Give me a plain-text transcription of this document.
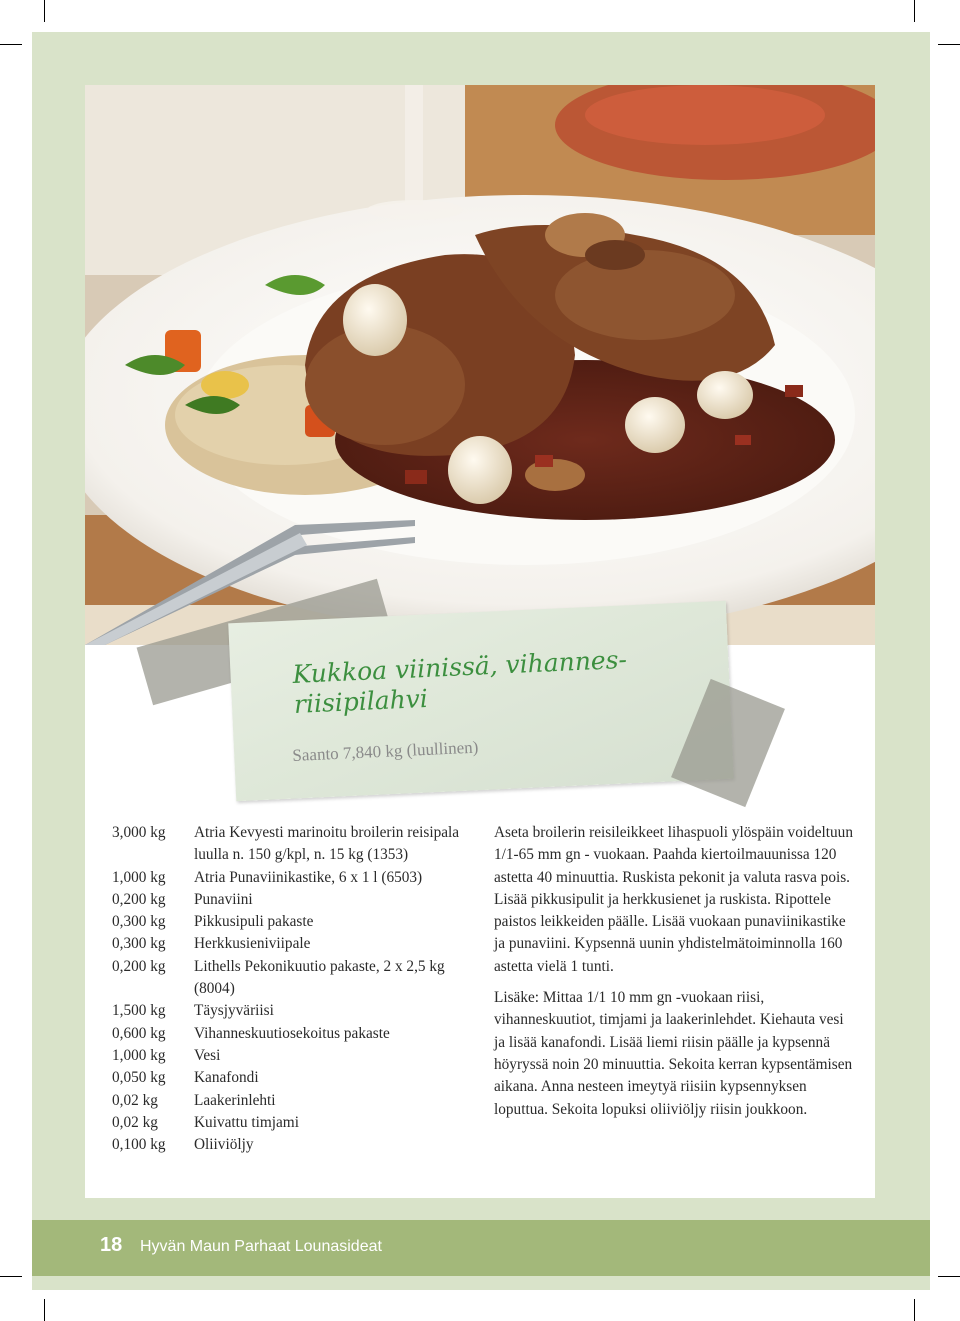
Kukkoa viinissä, vihannes-
riisipilahvi
Saanto 7,840 kg (luullinen)
3,000 kg	Atria Kevyesti marinoitu broilerin reisipala luulla n. 150 g/kpl, n. 15 kg (1353)
1,000 kg	Atria Punaviinikastike, 6 x 1 l (6503)
0,200 kg	Punaviini
0,300 kg	Pikkusipuli pakaste
0,300 kg	Herkkusieniviipale
0,200 kg	Lithells Pekonikuutio pakaste, 2 x 2,5 kg (8004)
1,500 kg	Täysjyväriisi
0,600 kg	Vihanneskuutiosekoitus pakaste
1,000 kg	Vesi
0,050 kg	Kanafondi
0,02 kg	Laakerinlehti
0,02 kg	Kuivattu timjami
0,100 kg	Oliiviöljy

Aseta broilerin reisileikkeet lihaspuoli ylöspäin voideltuun 1/1-65 mm gn - vuokaan. Paahda kiertoilmauunissa 120 astetta 40 minuuttia. Ruskista pekonit ja valuta rasva pois. Lisää pikkusipulit ja herkkusienet ja ruskista. Ripottele paistos leikkeiden päälle. Lisää vuokaan punaviinikastike ja punaviini. Kypsennä uunin yhdistelmätoiminnolla 160 astetta vielä 1 tunti.

Lisäke: Mittaa 1/1 10 mm gn -vuokaan riisi, vihanneskuutiot, timjami ja laakerinlehdet. Kiehauta vesi ja lisää kanafondi. Lisää liemi riisin päälle ja kypsennä höyryssä noin 20 minuuttia. Sekoita kerran kypsentämisen aikana. Anna nesteen imeytyä riisiin kypsennyksen loputtua. Sekoita lopuksi oliiviöljy riisin joukkoon.

18 Hyvän Maun Parhaat Lounasideat
